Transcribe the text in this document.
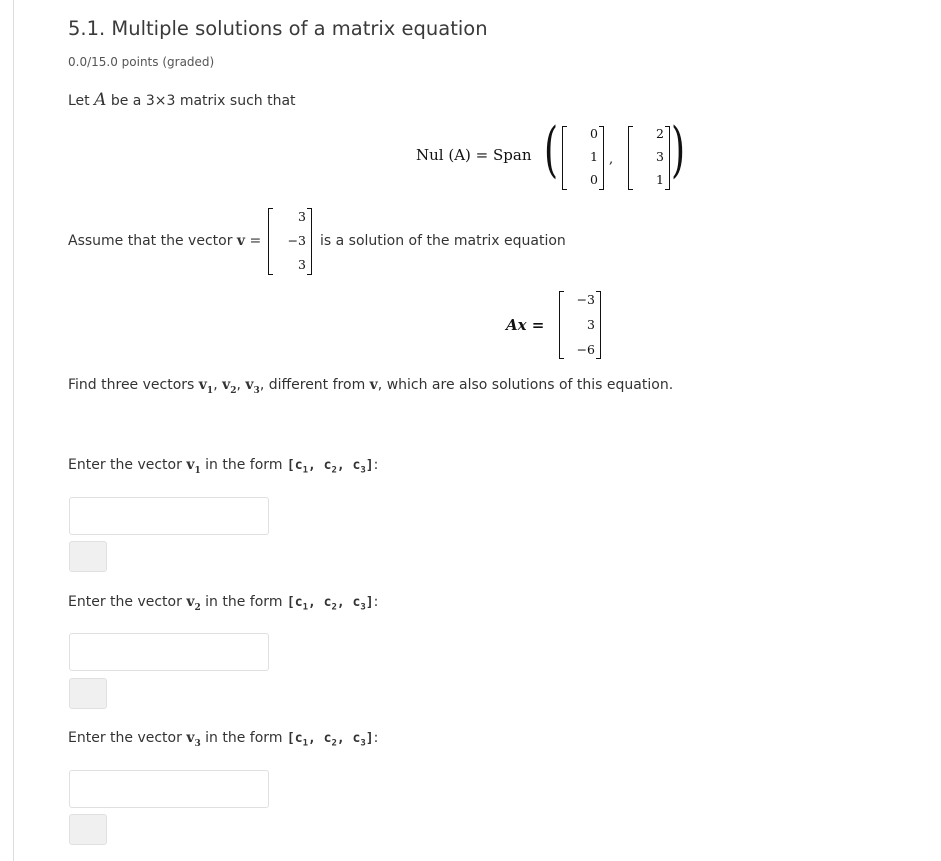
5.1. Multiple solutions of a matrix equation
0.0/15.0 points (graded)
Let A be a 3×3 matrix such that
Nul (A) = Span (	0
1
0
,
2
3
1 )
Assume that the vector v =
3
−3
3
is a solution of the matrix equation
Ax =
−3
3
−6
Find three vectors $v_1$, $v_2$, $v_3$, different from v, which are also solutions of this equation.
Enter the vector $v_1$ in the form [$c_1$, $c_2$, $c_3$]:
Enter the vector $v_2$ in the form [$c_1$, $c_2$, $c_3$]:
Enter the vector $v_3$ in the form [$c_1$, $c_2$, $c_3$]:
